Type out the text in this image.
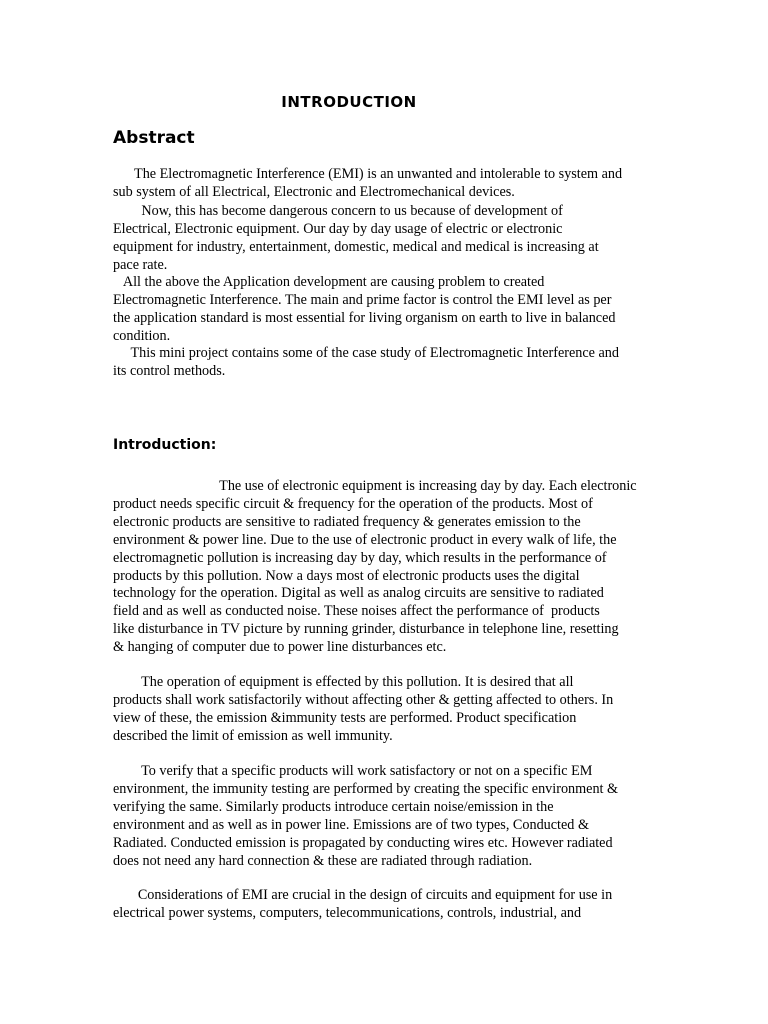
INTRODUCTION
Abstract
The Electromagnetic Interference (EMI) is an unwanted and intolerable to system and
sub system of all Electrical, Electronic and Electromechanical devices.
Now, this has become dangerous concern to us because of development of
Electrical, Electronic equipment. Our day by day usage of electric or electronic
equipment for industry, entertainment, domestic, medical and medical is increasing at
pace rate.
All the above the Application development are causing problem to created
Electromagnetic Interference. The main and prime factor is control the EMI level as per
the application standard is most essential for living organism on earth to live in balanced
condition.
This mini project contains some of the case study of Electromagnetic Interference and
its control methods.
Introduction:
The use of electronic equipment is increasing day by day. Each electronic
product needs specific circuit & frequency for the operation of the products. Most of
electronic products are sensitive to radiated frequency & generates emission to the
environment & power line. Due to the use of electronic product in every walk of life, the
electromagnetic pollution is increasing day by day, which results in the performance of
products by this pollution. Now a days most of electronic products uses the digital
technology for the operation. Digital as well as analog circuits are sensitive to radiated
field and as well as conducted noise. These noises affect the performance of  products
like disturbance in TV picture by running grinder, disturbance in telephone line, resetting
& hanging of computer due to power line disturbances etc.
The operation of equipment is effected by this pollution. It is desired that all
products shall work satisfactorily without affecting other & getting affected to others. In
view of these, the emission &immunity tests are performed. Product specification
described the limit of emission as well immunity.
To verify that a specific products will work satisfactory or not on a specific EM
environment, the immunity testing are performed by creating the specific environment &
verifying the same. Similarly products introduce certain noise/emission in the
environment and as well as in power line. Emissions are of two types, Conducted &
Radiated. Conducted emission is propagated by conducting wires etc. However radiated
does not need any hard connection & these are radiated through radiation.
Considerations of EMI are crucial in the design of circuits and equipment for use in
electrical power systems, computers, telecommunications, controls, industrial, and
